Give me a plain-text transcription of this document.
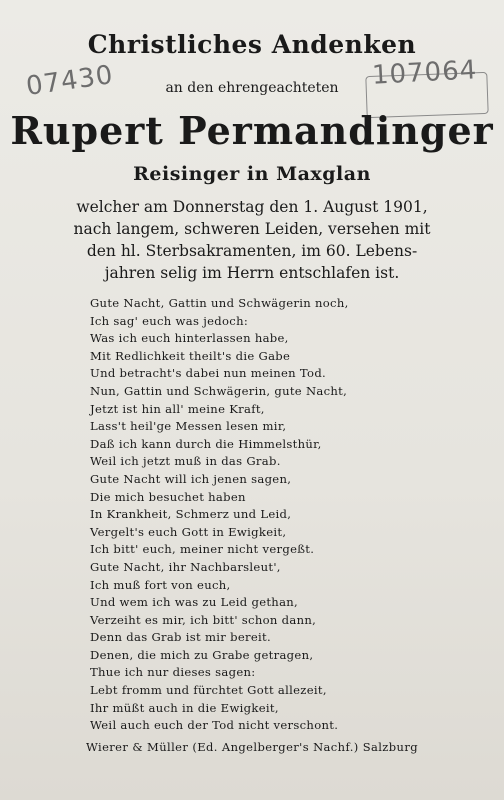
07430	107064
Christliches Andenken
an den ehrengeachteten
Rupert Permandinger
Reisinger in Maxglan
welcher am Donnerstag den 1. August 1901,
nach langem, schweren Leiden, versehen mit
den hl. Sterbsakramenten, im 60. Lebens-
jahren selig im Herrn entschlafen ist.
Gute Nacht, Gattin und Schwägerin noch,
Ich sag' euch was jedoch:
Was ich euch hinterlassen habe,
Mit Redlichkeit theilt's die Gabe
Und betracht's dabei nun meinen Tod.
Nun, Gattin und Schwägerin, gute Nacht,
Jetzt ist hin all' meine Kraft,
Lass't heil'ge Messen lesen mir,
Daß ich kann durch die Himmelsthür,
Weil ich jetzt muß in das Grab.
Gute Nacht will ich jenen sagen,
Die mich besuchet haben
In Krankheit, Schmerz und Leid,
Vergelt's euch Gott in Ewigkeit,
Ich bitt' euch, meiner nicht vergeßt.
Gute Nacht, ihr Nachbarsleut',
Ich muß fort von euch,
Und wem ich was zu Leid gethan,
Verzeiht es mir, ich bitt' schon dann,
Denn das Grab ist mir bereit.
Denen, die mich zu Grabe getragen,
Thue ich nur dieses sagen:
Lebt fromm und fürchtet Gott allezeit,
Ihr müßt auch in die Ewigkeit,
Weil auch euch der Tod nicht verschont.
Wierer & Müller (Ed. Angelberger's Nachf.) Salzburg
